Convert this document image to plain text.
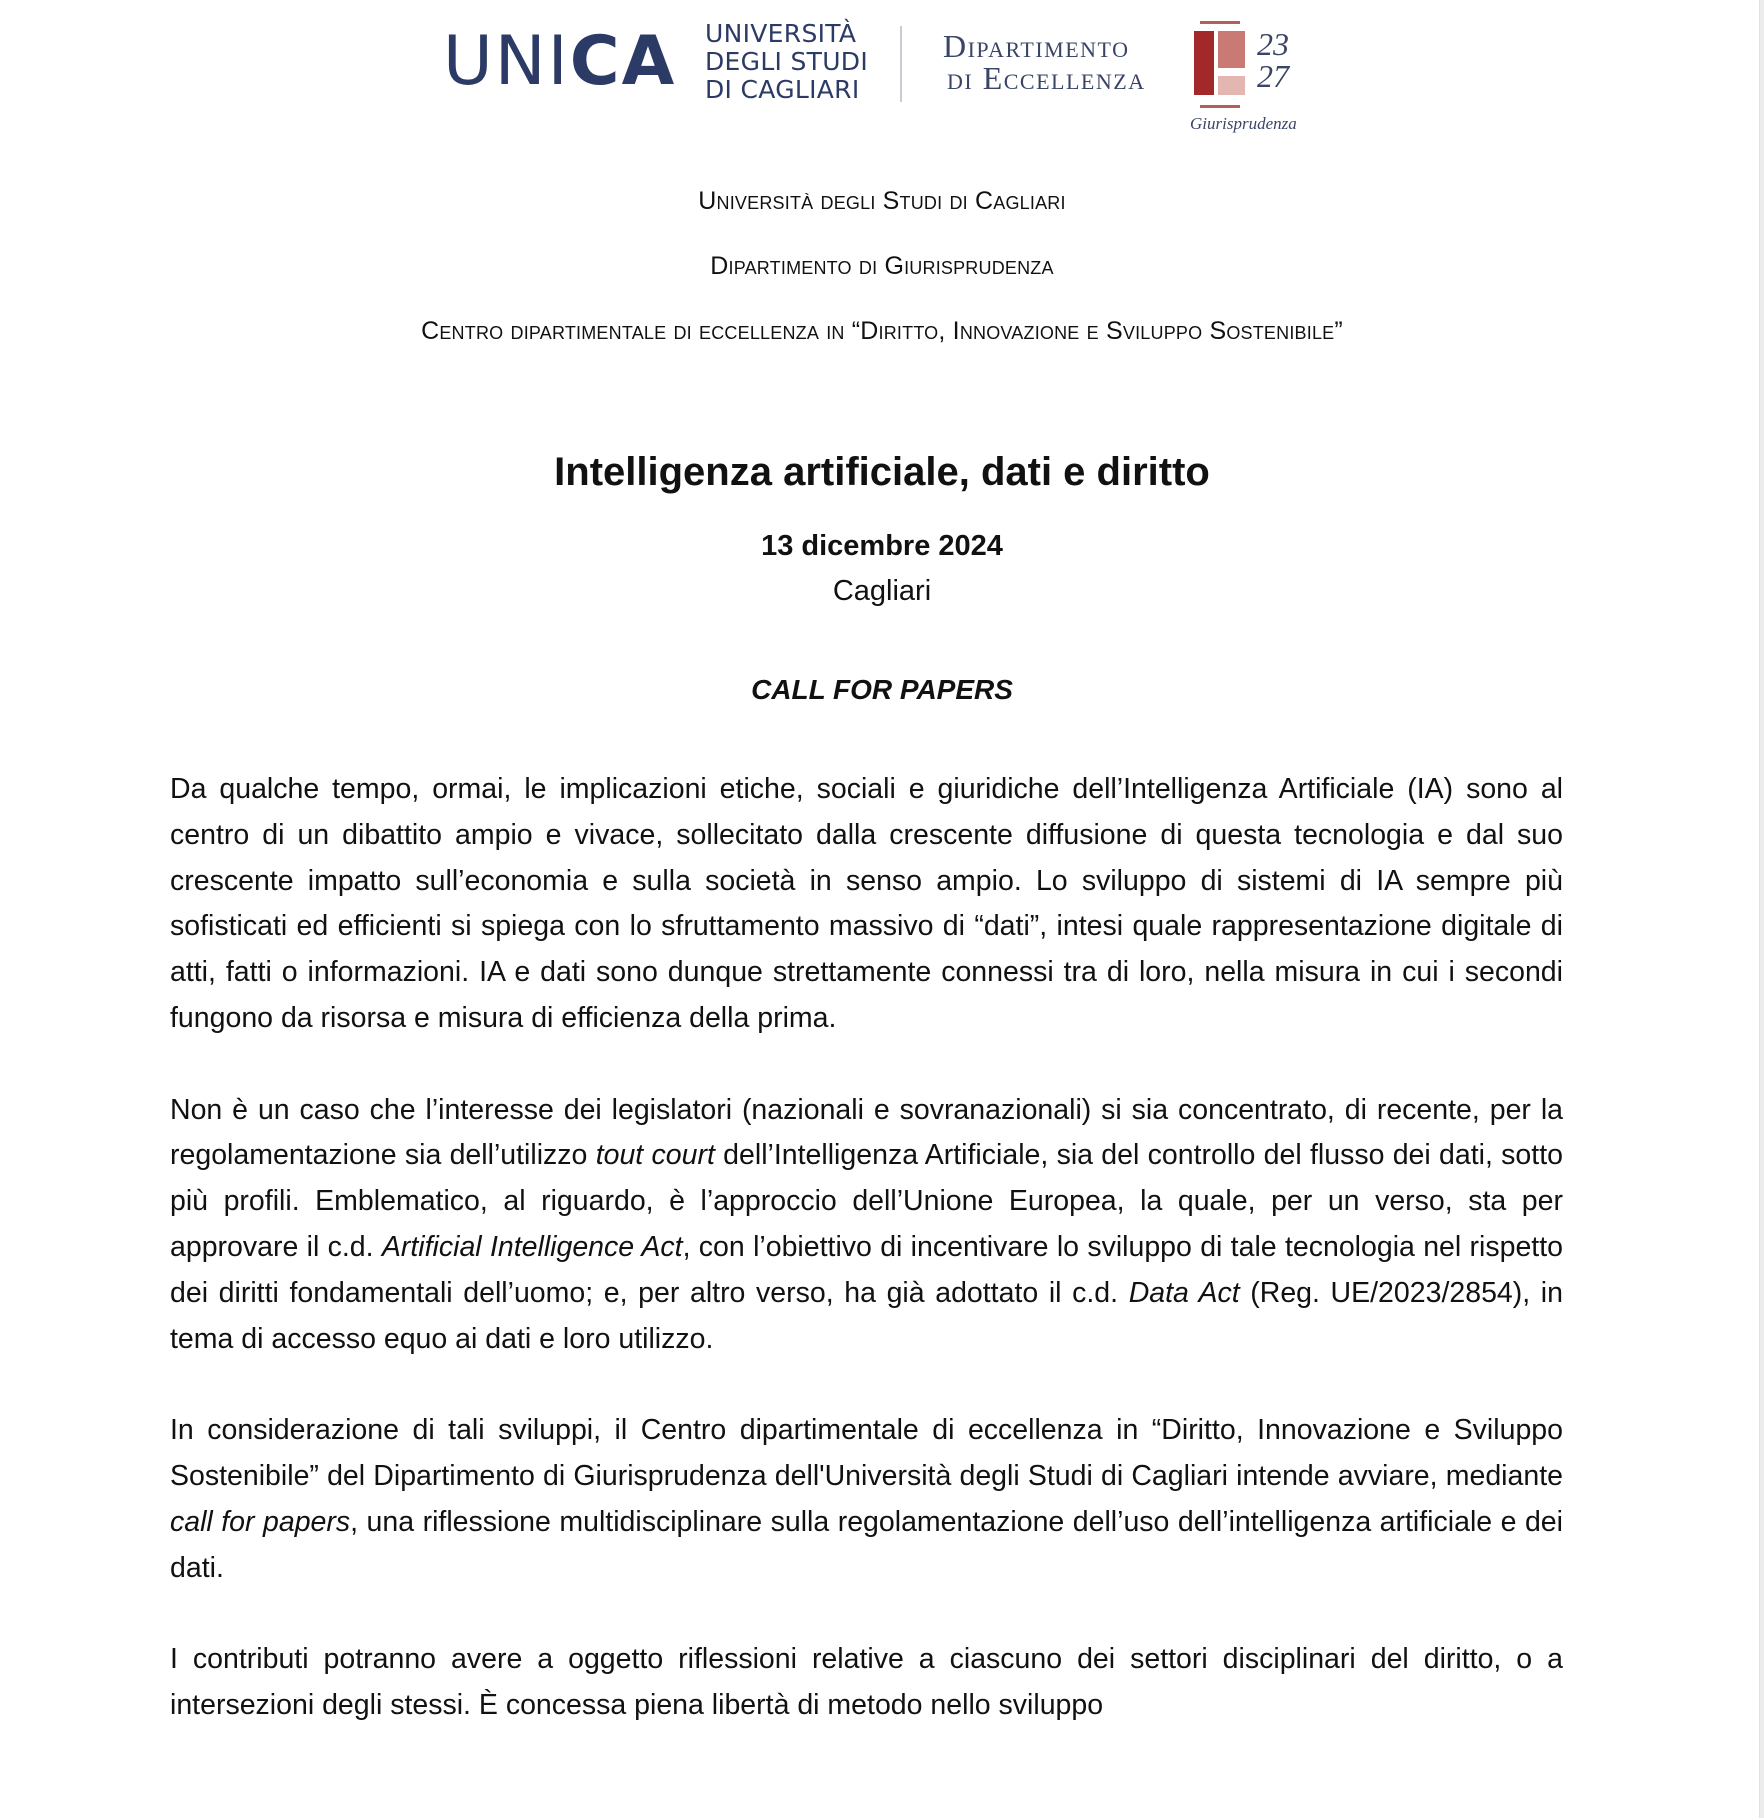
UNICA UNIVERSITÀ
DEGLI STUDI
DI CAGLIARI
Dipartimento
di Eccellenza
23
27
Giurisprudenza
Università degli Studi di Cagliari
Dipartimento di Giurisprudenza
Centro dipartimentale di eccellenza in “Diritto, Innovazione e Sviluppo Sostenibile”
Intelligenza artificiale, dati e diritto
13 dicembre 2024
Cagliari
CALL FOR PAPERS

Da qualche tempo, ormai, le implicazioni etiche, sociali e giuridiche dell’Intelligenza Artificiale (IA) sono al centro di un dibattito ampio e vivace, sollecitato dalla crescente diffusione di questa tecnologia e dal suo crescente impatto sull’economia e sulla società in senso ampio. Lo sviluppo di sistemi di IA sempre più sofisticati ed efficienti si spiega con lo sfruttamento massivo di “dati”, intesi quale rappresentazione digitale di atti, fatti o informazioni. IA e dati sono dunque strettamente connessi tra di loro, nella misura in cui i secondi fungono da risorsa e misura di efficienza della prima.

Non è un caso che l’interesse dei legislatori (nazionali e sovranazionali) si sia concentrato, di recente, per la regolamentazione sia dell’utilizzo tout court dell’Intelligenza Artificiale, sia del controllo del flusso dei dati, sotto più profili. Emblematico, al riguardo, è l’approccio dell’Unione Europea, la quale, per un verso, sta per approvare il c.d. Artificial Intelligence Act, con l’obiettivo di incentivare lo sviluppo di tale tecnologia nel rispetto dei diritti fondamentali dell’uomo; e, per altro verso, ha già adottato il c.d. Data Act (Reg. UE/2023/2854), in tema di accesso equo ai dati e loro utilizzo.

In considerazione di tali sviluppi, il Centro dipartimentale di eccellenza in “Diritto, Innovazione e Sviluppo Sostenibile” del Dipartimento di Giurisprudenza dell'Università degli Studi di Cagliari intende avviare, mediante call for papers, una riflessione multidisciplinare sulla regolamentazione dell’uso dell’intelligenza artificiale e dei dati.

I contributi potranno avere a oggetto riflessioni relative a ciascuno dei settori disciplinari del diritto, o a intersezioni degli stessi. È concessa piena libertà di metodo nello sviluppo
